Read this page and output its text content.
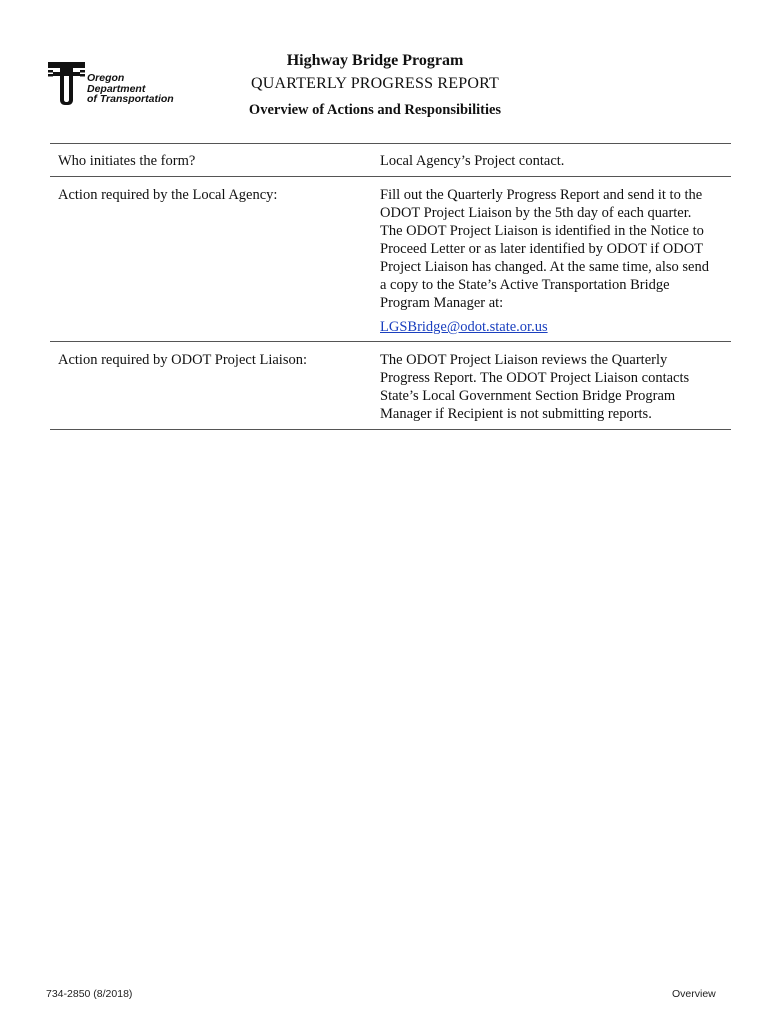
Oregon
Department
of Transportation
Highway Bridge Program
QUARTERLY PROGRESS REPORT
Overview of Actions and Responsibilities
Who initiates the form?	Local Agency’s Project contact.
Action required by the Local Agency:	Fill out the Quarterly Progress Report and send it to the
ODOT Project Liaison by the 5th day of each quarter.
The ODOT Project Liaison is identified in the Notice to
Proceed Letter or as later identified by ODOT if ODOT
Project Liaison has changed. At the same time, also send
a copy to the State’s Active Transportation Bridge
Program Manager at:
LGSBridge@odot.state.or.us
Action required by ODOT Project Liaison:	The ODOT Project Liaison reviews the Quarterly
Progress Report. The ODOT Project Liaison contacts
State’s Local Government Section Bridge Program
Manager if Recipient is not submitting reports.
734-2850 (8/2018)	Overview
